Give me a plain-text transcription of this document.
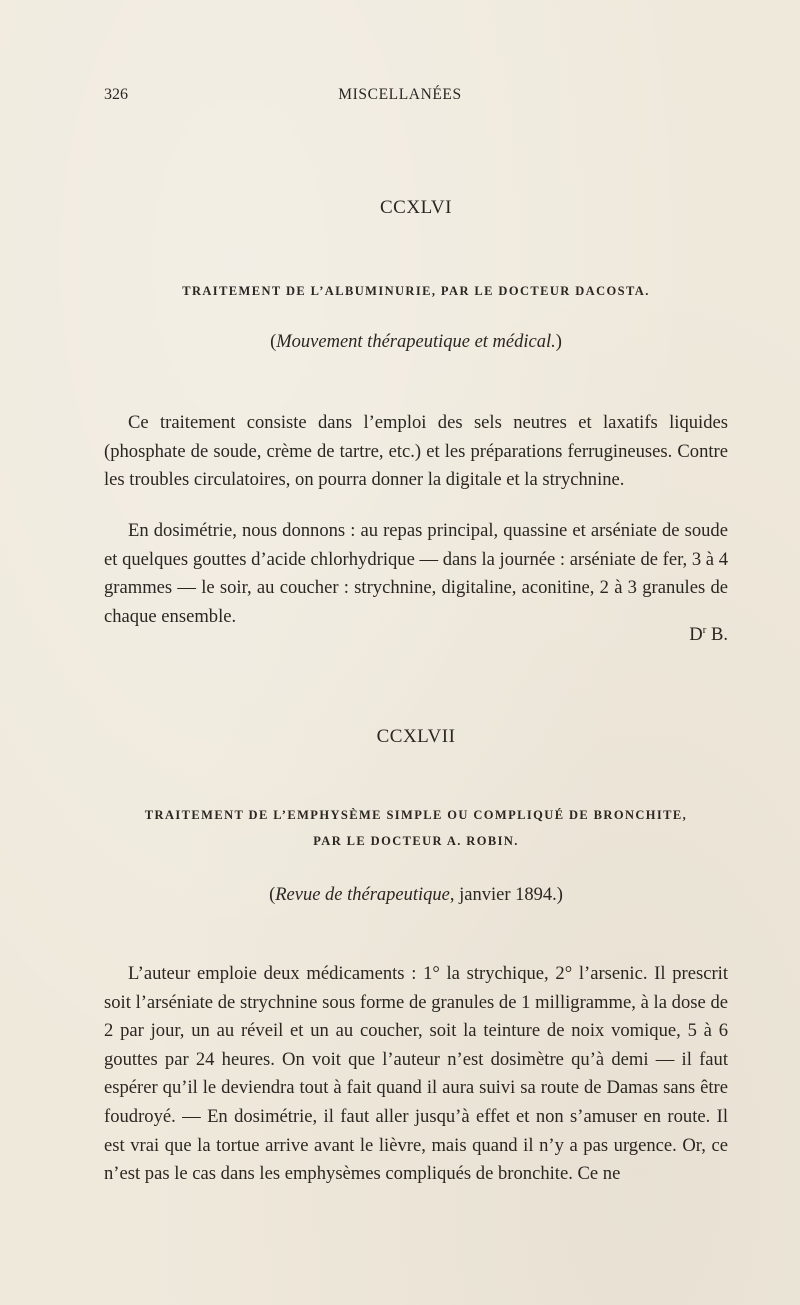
326	MISCELLANÉES
CCXLVI
TRAITEMENT DE L’ALBUMINURIE, PAR LE DOCTEUR DACOSTA.
(Mouvement thérapeutique et médical.)

Ce traitement consiste dans l’emploi des sels neutres et laxatifs liquides (phosphate de soude, crème de tartre, etc.) et les préparations ferrugineuses. Contre les troubles circulatoires, on pourra donner la digitale et la strychnine.

En dosimétrie, nous donnons : au repas principal, quassine et arséniate de soude et quelques gouttes d’acide chlorhydrique — dans la journée : arséniate de fer, 3 à 4 grammes — le soir, au coucher : strychnine, digitaline, aconitine, 2 à 3 granules de chaque ensemble.

$D^r$ B.
CCXLVII
TRAITEMENT DE L’EMPHYSÈME SIMPLE OU COMPLIQUÉ DE BRONCHITE,
PAR LE DOCTEUR A. ROBIN.
(Revue de thérapeutique, janvier 1894.)

L’auteur emploie deux médicaments : 1° la strychique, 2° l’arsenic. Il prescrit soit l’arséniate de strychnine sous forme de granules de 1 milligramme, à la dose de 2 par jour, un au réveil et un au coucher, soit la teinture de noix vomique, 5 à 6 gouttes par 24 heures. On voit que l’auteur n’est dosimètre qu’à demi — il faut espérer qu’il le deviendra tout à fait quand il aura suivi sa route de Damas sans être foudroyé. — En dosimétrie, il faut aller jusqu’à effet et non s’amuser en route. Il est vrai que la tortue arrive avant le lièvre, mais quand il n’y a pas urgence. Or, ce n’est pas le cas dans les emphysèmes compliqués de bronchite. Ce ne
